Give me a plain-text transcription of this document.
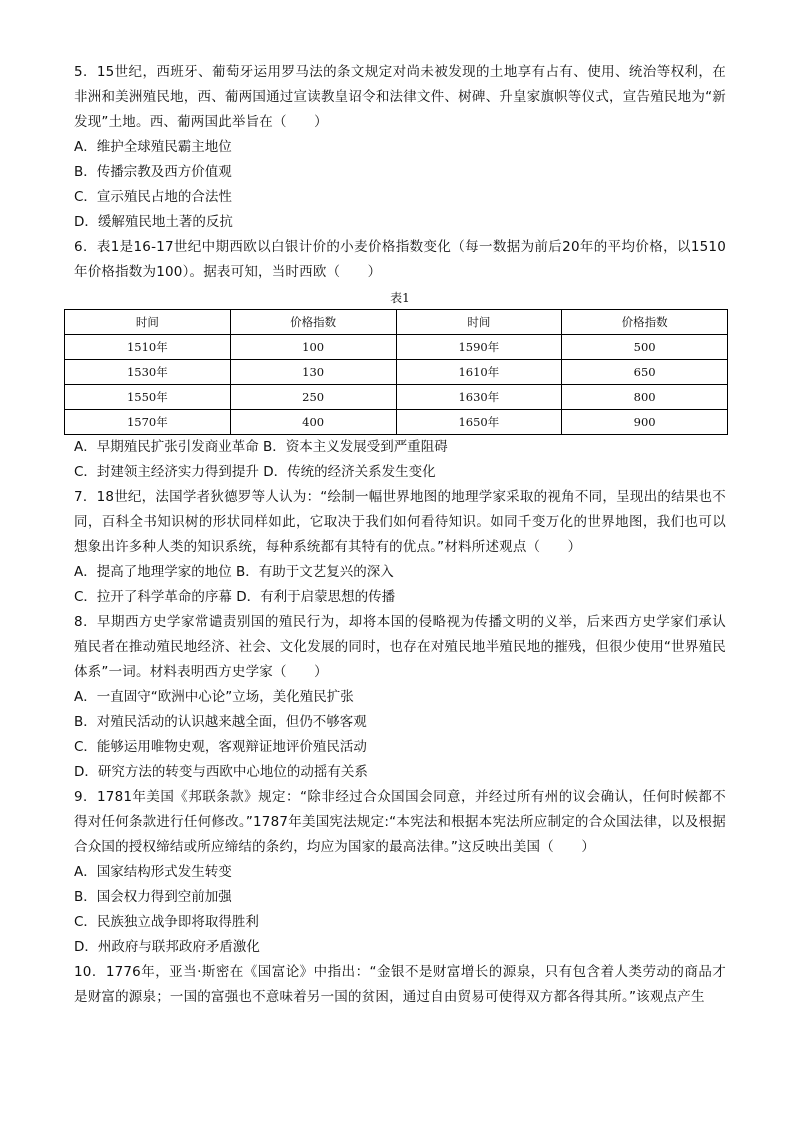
5．15世纪，西班牙、葡萄牙运用罗马法的条文规定对尚未被发现的土地享有占有、使用、统治等权利，在非洲和美洲殖民地，西、葡两国通过宣读教皇诏令和法律文件、树碑、升皇家旗帜等仪式，宣告殖民地为“新发现”土地。西、葡两国此举旨在（　　）

A．维护全球殖民霸主地位

B．传播宗教及西方价值观

C．宣示殖民占地的合法性

D．缓解殖民地土著的反抗

6．表1是16-17世纪中期西欧以白银计价的小麦价格指数变化（每一数据为前后20年的平均价格，以1510年价格指数为100）。据表可知，当时西欧（　　）

表1
时间	价格指数	时间	价格指数
1510年	100	1590年	500
1530年	130	1610年	650
1550年	250	1630年	800
1570年	400	1650年	900

A．早期殖民扩张引发商业革命 B．资本主义发展受到严重阻碍

C．封建领主经济实力得到提升 D．传统的经济关系发生变化

7．18世纪，法国学者狄德罗等人认为：“绘制一幅世界地图的地理学家采取的视角不同，呈现出的结果也不同，百科全书知识树的形状同样如此，它取决于我们如何看待知识。如同千变万化的世界地图，我们也可以想象出许多种人类的知识系统，每种系统都有其特有的优点。”材料所述观点（　　）

A．提高了地理学家的地位 B．有助于文艺复兴的深入

C．拉开了科学革命的序幕 D．有利于启蒙思想的传播

8．早期西方史学家常谴责别国的殖民行为，却将本国的侵略视为传播文明的义举，后来西方史学家们承认殖民者在推动殖民地经济、社会、文化发展的同时，也存在对殖民地半殖民地的摧残，但很少使用“世界殖民体系”一词。材料表明西方史学家（　　）

A．一直固守“欧洲中心论”立场，美化殖民扩张

B．对殖民活动的认识越来越全面，但仍不够客观

C．能够运用唯物史观，客观辩证地评价殖民活动

D．研究方法的转变与西欧中心地位的动摇有关系

9．1781年美国《邦联条款》规定：“除非经过合众国国会同意，并经过所有州的议会确认，任何时候都不得对任何条款进行任何修改。”1787年美国宪法规定:“本宪法和根据本宪法所应制定的合众国法律，以及根据合众国的授权缔结或所应缔结的条约，均应为国家的最高法律。”这反映出美国（　　）

A．国家结构形式发生转变

B．国会权力得到空前加强

C．民族独立战争即将取得胜利

D．州政府与联邦政府矛盾激化

10．1776年，亚当·斯密在《国富论》中指出：“金银不是财富增长的源泉，只有包含着人类劳动的商品才是财富的源泉；一国的富强也不意味着另一国的贫困，通过自由贸易可使得双方都各得其所。”该观点产生
